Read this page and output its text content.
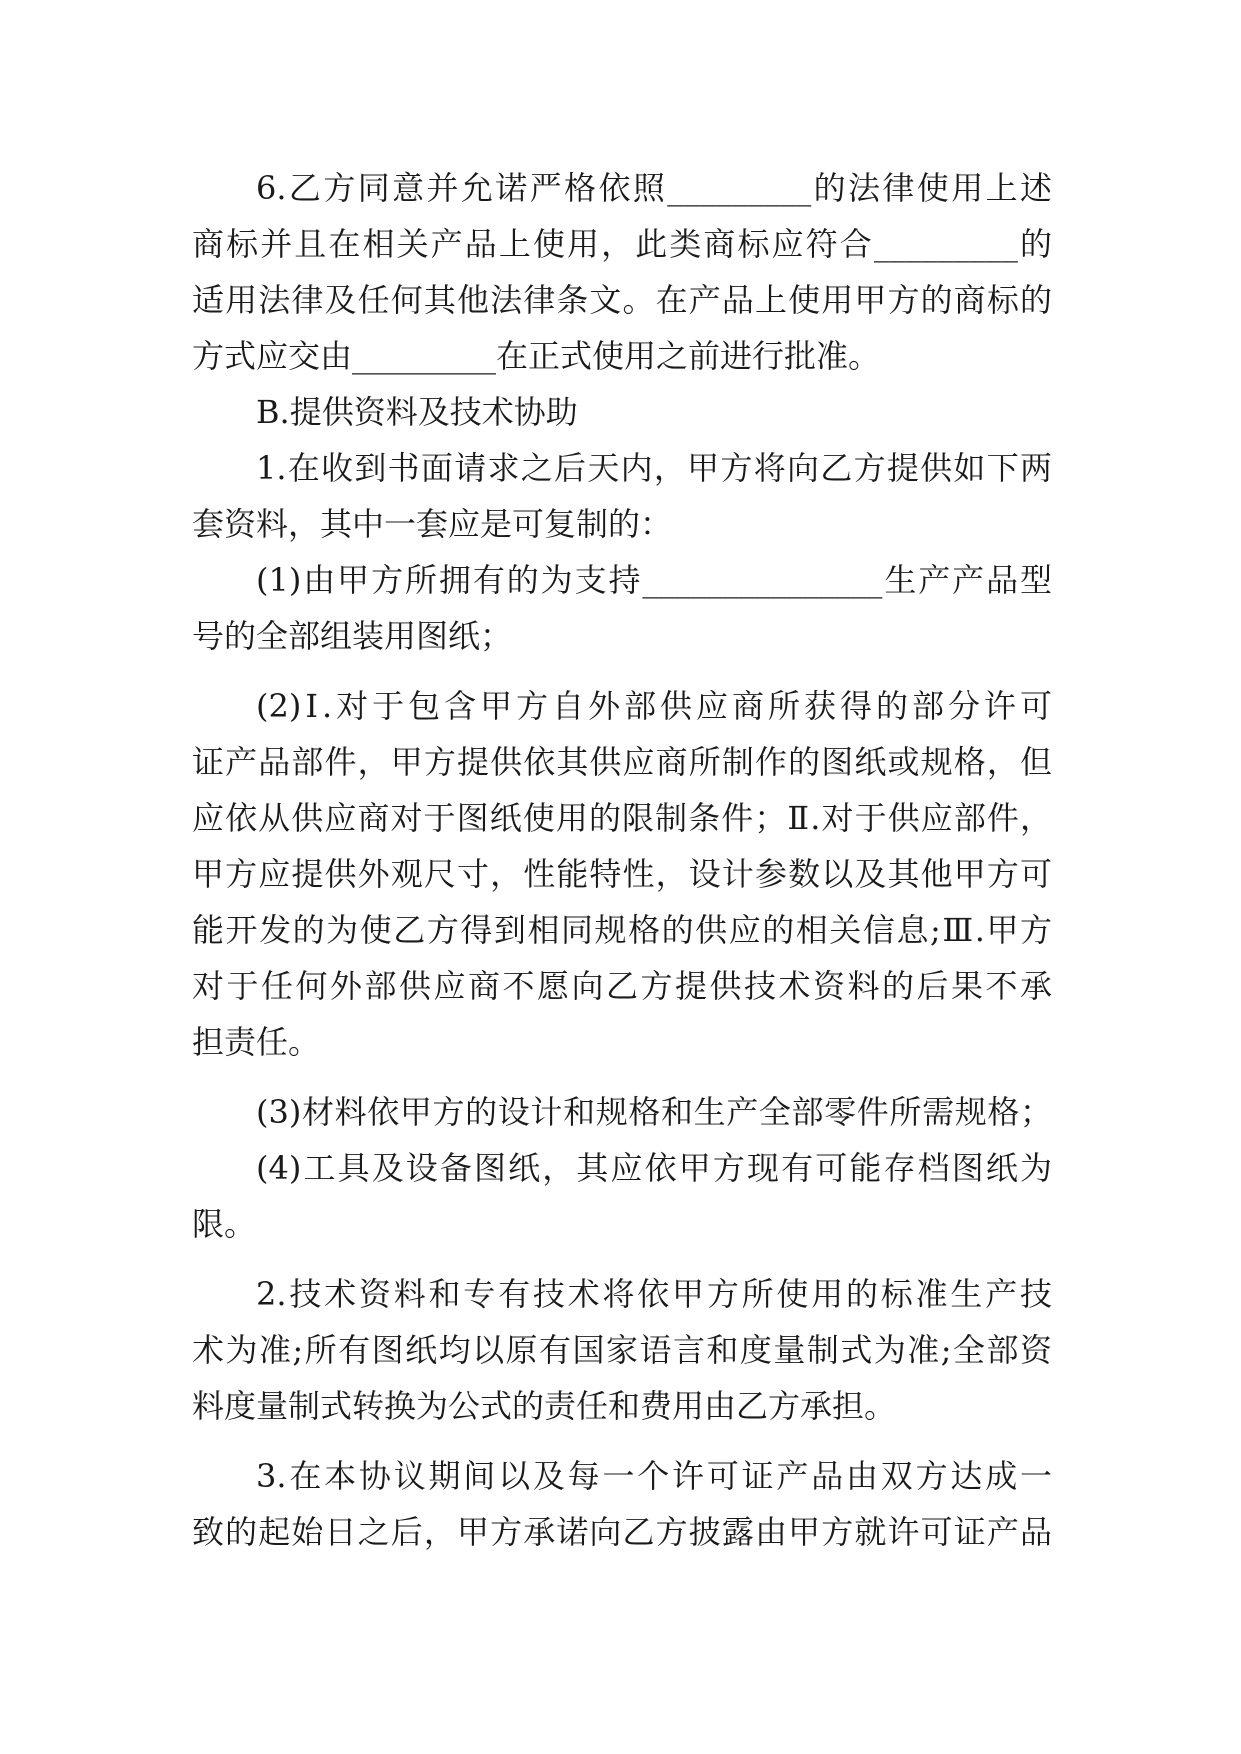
6.乙方同意并允诺严格依照_________的法律使用上述
商标并且在相关产品上使用，此类商标应符合_________的
适用法律及任何其他法律条文。在产品上使用甲方的商标的
方式应交由_________在正式使用之前进行批准。
B.提供资料及技术协助
1.在收到书面请求之后天内，甲方将向乙方提供如下两
套资料，其中一套应是可复制的：
(1)由甲方所拥有的为支持_______________生产产品型
号的全部组装用图纸；
(2)Ⅰ.对于包含甲方自外部供应商所获得的部分许可
证产品部件，甲方提供依其供应商所制作的图纸或规格，但
应依从供应商对于图纸使用的限制条件；Ⅱ.对于供应部件，
甲方应提供外观尺寸，性能特性，设计参数以及其他甲方可
能开发的为使乙方得到相同规格的供应的相关信息;Ⅲ.甲方
对于任何外部供应商不愿向乙方提供技术资料的后果不承
担责任。
(3)材料依甲方的设计和规格和生产全部零件所需规格；
(4)工具及设备图纸，其应依甲方现有可能存档图纸为
限。
2.技术资料和专有技术将依甲方所使用的标准生产技
术为准;所有图纸均以原有国家语言和度量制式为准;全部资
料度量制式转换为公式的责任和费用由乙方承担。
3.在本协议期间以及每一个许可证产品由双方达成一
致的起始日之后，甲方承诺向乙方披露由甲方就许可证产品
